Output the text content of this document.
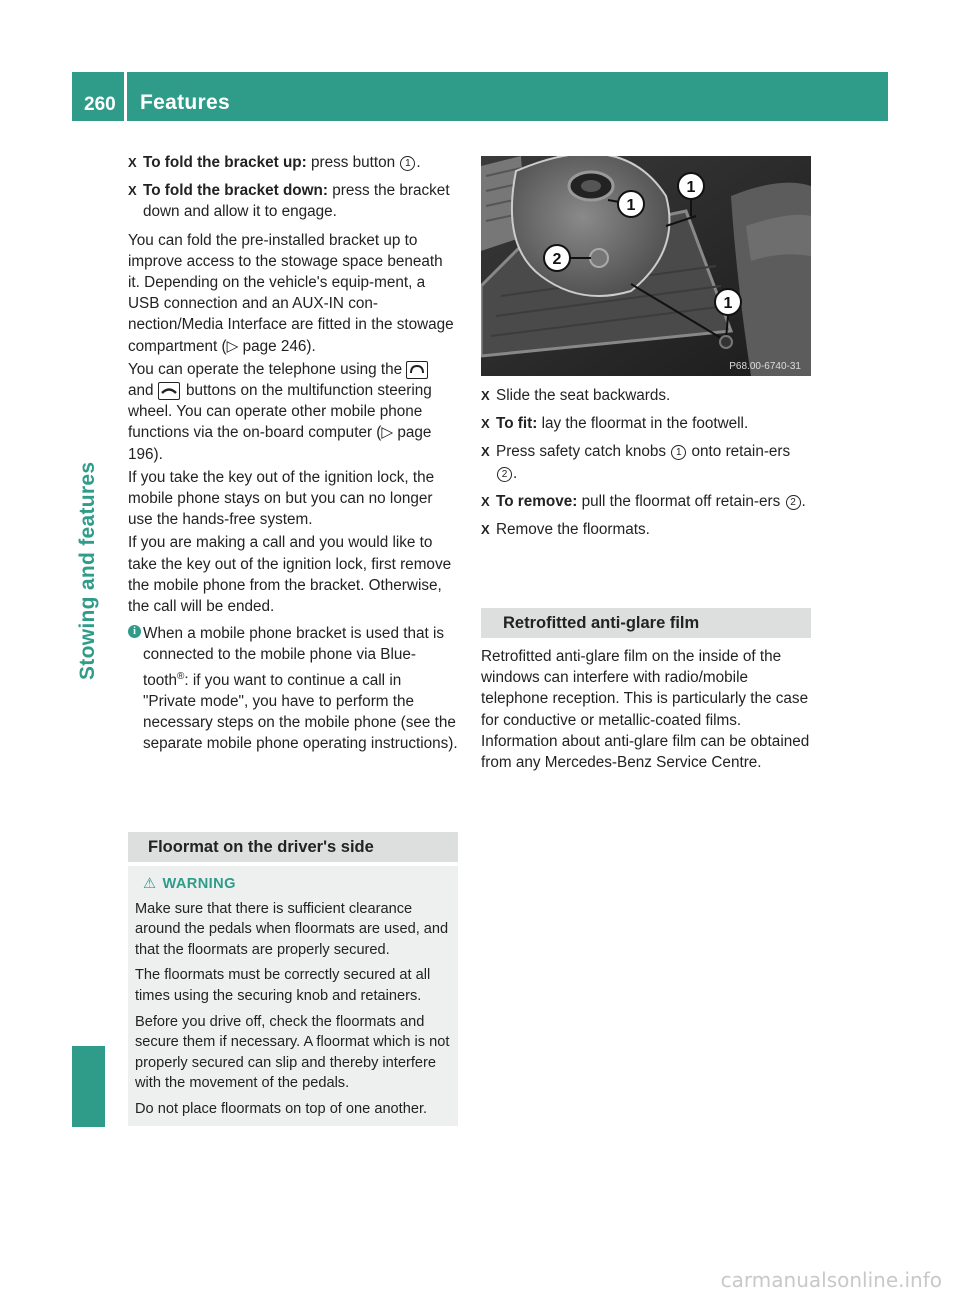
260 Features
Stowing and features
X To fold the bracket up: press button 1 .
X To fold the bracket down: press the bracket down and allow it to engage.

You can fold the pre-installed bracket up to improve access to the stowage space beneath it. Depending on the vehicle's equip-ment, a USB connection and an AUX-IN con-nection/Media Interface are fitted in the stowage compartment (▷ page 246).

You can operate the telephone using the  and  buttons on the multifunction steering wheel. You can operate other mobile phone functions via the on-board computer (▷ page 196).

If you take the key out of the ignition lock, the mobile phone stays on but you can no longer use the hands-free system.

If you are making a call and you would like to take the key out of the ignition lock, first remove the mobile phone from the bracket. Otherwise, the call will be ended.

i When a mobile phone bracket is used that is connected to the mobile phone via Blue-tooth®: if you want to continue a call in "Private mode", you have to perform the necessary steps on the mobile phone (see the separate mobile phone operating instructions).
Floormat on the driver's side
⚠ WARNING

Make sure that there is sufficient clearance around the pedals when floormats are used, and that the floormats are properly secured.

The floormats must be correctly secured at all times using the securing knob and retainers.

Before you drive off, check the floormats and secure them if necessary. A floormat which is not properly secured can slip and thereby interfere with the movement of the pedals.

Do not place floormats on top of one another.

1
1
2
1
P68.00-6740-31
X Slide the seat backwards.
X To fit: lay the floormat in the footwell.
X Press safety catch knobs 1 onto retain-ers 2 .
X To remove: pull the floormat off retain-ers 2 .
X Remove the floormats.
Retrofitted anti-glare film

Retrofitted anti-glare film on the inside of the windows can interfere with radio/mobile telephone reception. This is particularly the case for conductive or metallic-coated films. Information about anti-glare film can be obtained from any Mercedes-Benz Service Centre.

carmanualsonline.info
